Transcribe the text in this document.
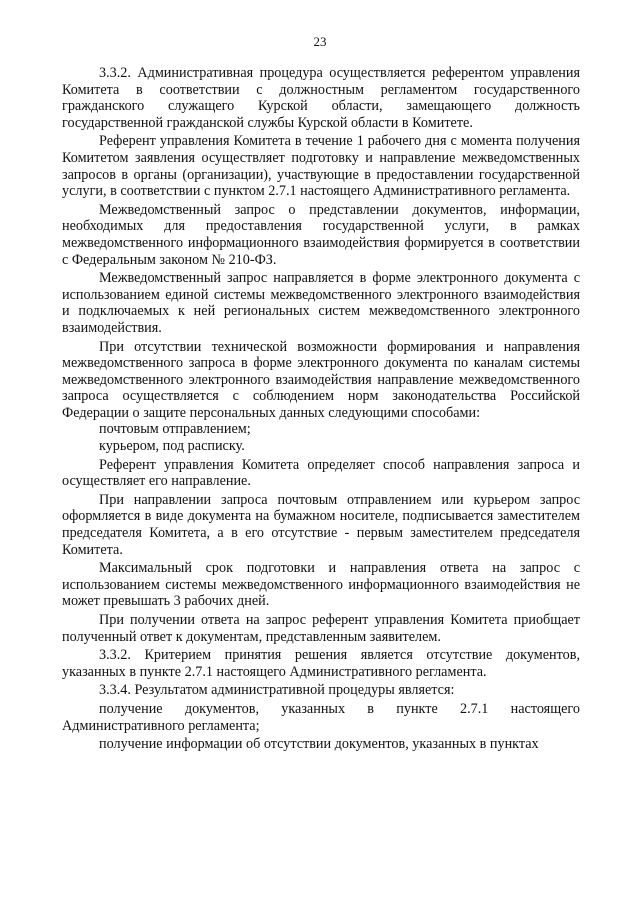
23

3.3.2. Административная процедура осуществляется референтом управления Комитета в соответствии с должностным регламентом государственного гражданского служащего Курской области, замещающего должность государственной гражданской службы Курской области в Комитете.

Референт управления Комитета в течение 1 рабочего дня с момента получения Комитетом заявления осуществляет подготовку и направление межведомственных запросов в органы (организации), участвующие в предоставлении государственной услуги, в соответствии с пунктом 2.7.1 настоящего Административного регламента.

Межведомственный запрос о представлении документов, информации, необходимых для предоставления государственной услуги, в рамках межведомственного информационного взаимодействия формируется в соответствии с Федеральным законом № 210-ФЗ.

Межведомственный запрос направляется в форме электронного документа с использованием единой системы межведомственного электронного взаимодействия и подключаемых к ней региональных систем межведомственного электронного взаимодействия.

При отсутствии технической возможности формирования и направления межведомственного запроса в форме электронного документа по каналам системы межведомственного электронного взаимодействия направление межведомственного запроса осуществляется с соблюдением норм законодательства Российской Федерации о защите персональных данных следующими способами:

почтовым отправлением;

курьером, под расписку.

Референт управления Комитета определяет способ направления запроса и осуществляет его направление.

При направлении запроса почтовым отправлением или курьером запрос оформляется в виде документа на бумажном носителе, подписывается заместителем председателя Комитета, а в его отсутствие - первым заместителем председателя Комитета.

Максимальный срок подготовки и направления ответа на запрос с использованием системы межведомственного информационного взаимодействия не может превышать 3 рабочих дней.

При получении ответа на запрос референт управления Комитета приобщает полученный ответ к документам, представленным заявителем.

3.3.2. Критерием принятия решения является отсутствие документов, указанных в пункте 2.7.1 настоящего Административного регламента.

3.3.4. Результатом административной процедуры является:

получение документов, указанных в пункте 2.7.1 настоящего Административного регламента;

получение информации об отсутствии документов, указанных в пунктах
